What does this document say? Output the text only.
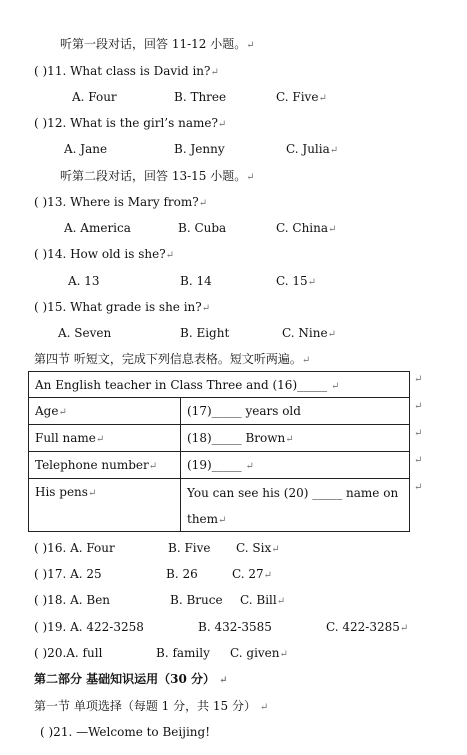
听第一段对话，回答 11-12 小题。↵
( )11. What class is David in?↵
A. Four	B. Three	C. Five↵
( )12. What is the girl’s name?↵
A. Jane	B. Jenny	C. Julia↵
听第二段对话，回答 13-15 小题。↵
( )13. Where is Mary from?↵
A. America	B. Cuba	C. China↵
( )14. How old is she?↵
A. 13	B. 14	C. 15↵
( )15. What grade is she in?↵
A. Seven	B. Eight	C. Nine↵
第四节 听短文，完成下列信息表格。短文听两遍。↵
An English teacher in Class Three and (16)_____ ↵	
Age↵	(17)_____ years old
Full name↵	(18)_____ Brown↵
Telephone number↵	(19)_____ ↵
His pens↵	You can see his (20) _____ name on
them↵
↵
↵
↵
↵
↵
( )16. A. Four	B. Five C. Six↵
( )17. A. 25	B. 26	C. 27↵
( )18. A. Ben	B. Bruce C. Bill↵
( )19. A. 422-3258	B. 432-3585	C. 422-3285↵
( )20.A. full	B. family C. given↵
第二部分 基础知识运用（30 分） ↵
第一节 单项选择（每题 1 分，共 15 分） ↵
( )21. —Welcome to Beijing!
